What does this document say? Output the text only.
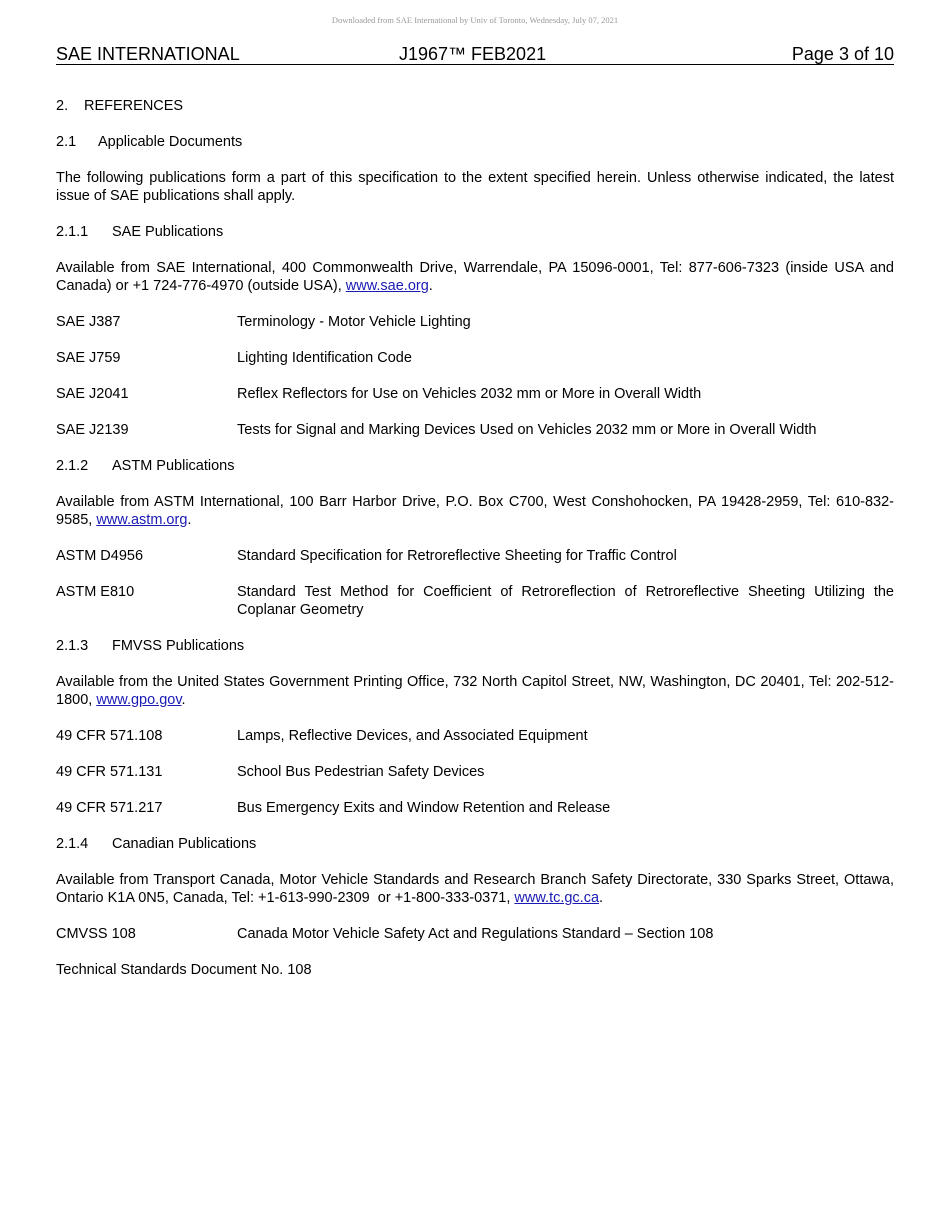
Downloaded from SAE International by Univ of Toronto, Wednesday, July 07, 2021
SAE INTERNATIONAL	J1967™ FEB2021	Page 3 of 10

2. REFERENCES

2.1 Applicable Documents

The following publications form a part of this specification to the extent specified herein. Unless otherwise indicated, the latest issue of SAE publications shall apply.

2.1.1 SAE Publications

Available from SAE International, 400 Commonwealth Drive, Warrendale, PA 15096-0001, Tel: 877-606-7323 (inside USA and Canada) or +1 724-776-4970 (outside USA), www.sae.org.

SAE J387	Terminology - Motor Vehicle Lighting
SAE J759	Lighting Identification Code
SAE J2041	Reflex Reflectors for Use on Vehicles 2032 mm or More in Overall Width
SAE J2139	Tests for Signal and Marking Devices Used on Vehicles 2032 mm or More in Overall Width

2.1.2 ASTM Publications

Available from ASTM International, 100 Barr Harbor Drive, P.O. Box C700, West Conshohocken, PA 19428-2959, Tel: 610-832-9585, www.astm.org.

ASTM D4956	Standard Specification for Retroreflective Sheeting for Traffic Control
ASTM E810	Standard Test Method for Coefficient of Retroreflection of Retroreflective Sheeting Utilizing the Coplanar Geometry

2.1.3 FMVSS Publications

Available from the United States Government Printing Office, 732 North Capitol Street, NW, Washington, DC 20401, Tel: 202-512-1800, www.gpo.gov.

49 CFR 571.108	Lamps, Reflective Devices, and Associated Equipment
49 CFR 571.131	School Bus Pedestrian Safety Devices
49 CFR 571.217	Bus Emergency Exits and Window Retention and Release

2.1.4 Canadian Publications

Available from Transport Canada, Motor Vehicle Standards and Research Branch Safety Directorate, 330 Sparks Street, Ottawa, Ontario K1A 0N5, Canada, Tel: +1-613-990-2309  or +1-800-333-0371, www.tc.gc.ca.

CMVSS 108	Canada Motor Vehicle Safety Act and Regulations Standard – Section 108

Technical Standards Document No. 108
